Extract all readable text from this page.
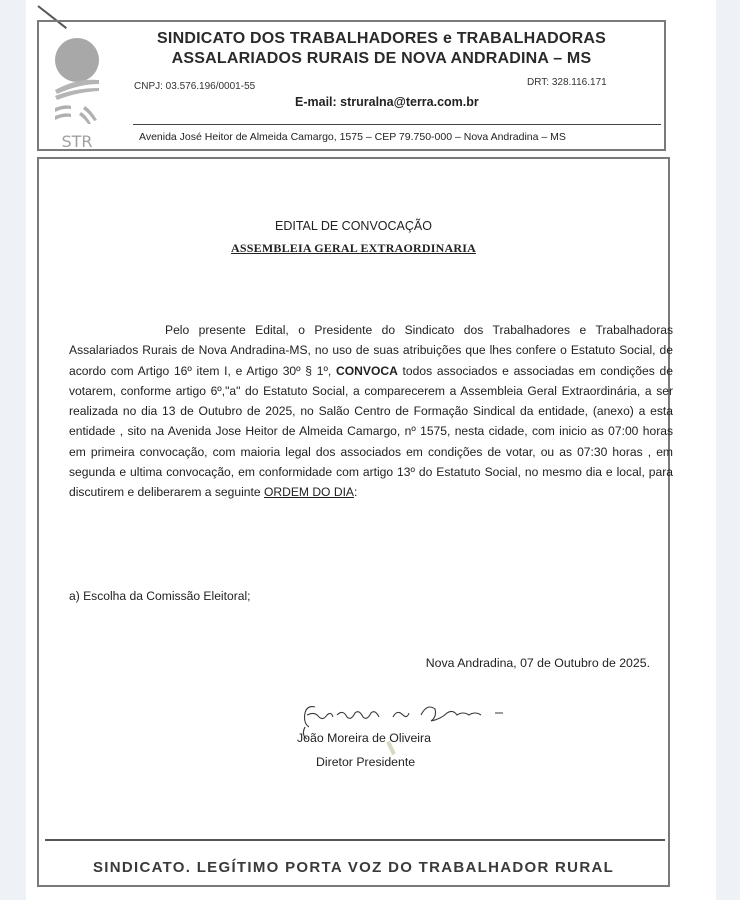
STR
SINDICATO DOS TRABALHADORES e TRABALHADORAS
ASSALARIADOS RURAIS DE NOVA ANDRADINA – MS
CNPJ: 03.576.196/0001-55	DRT: 328.116.171
E-mail: struralna@terra.com.br
Avenida José Heitor de Almeida Camargo, 1575 – CEP 79.750-000 – Nova Andradina – MS
EDITAL DE CONVOCAÇÃO
ASSEMBLEIA GERAL EXTRAORDINARIA
Pelo presente Edital, o Presidente do Sindicato dos Trabalhadores e Trabalhadoras Assalariados Rurais de Nova Andradina-MS, no uso de suas atribuições que lhes confere o Estatuto Social, de acordo com Artigo 16º item I, e Artigo 30º § 1º, CONVOCA todos associados e associadas em condições de votarem, conforme artigo 6º,"a" do Estatuto Social, a comparecerem a Assembleia Geral Extraordinária, a ser realizada no dia 13 de Outubro de 2025, no Salão Centro de Formação Sindical da entidade, (anexo) a esta entidade , sito na Avenida Jose Heitor de Almeida Camargo, nº 1575, nesta cidade, com inicio as 07:00 horas em primeira convocação, com maioria legal dos associados em condições de votar, ou as 07:30 horas , em segunda e ultima convocação, em conformidade com artigo 13º do Estatuto Social, no mesmo dia e local, para discutirem e deliberarem a seguinte ORDEM DO DIA:
a) Escolha da Comissão Eleitoral;
Nova Andradina, 07 de Outubro de 2025.
João Moreira de Oliveira
Diretor Presidente
SINDICATO. LEGÍTIMO PORTA VOZ DO TRABALHADOR RURAL
